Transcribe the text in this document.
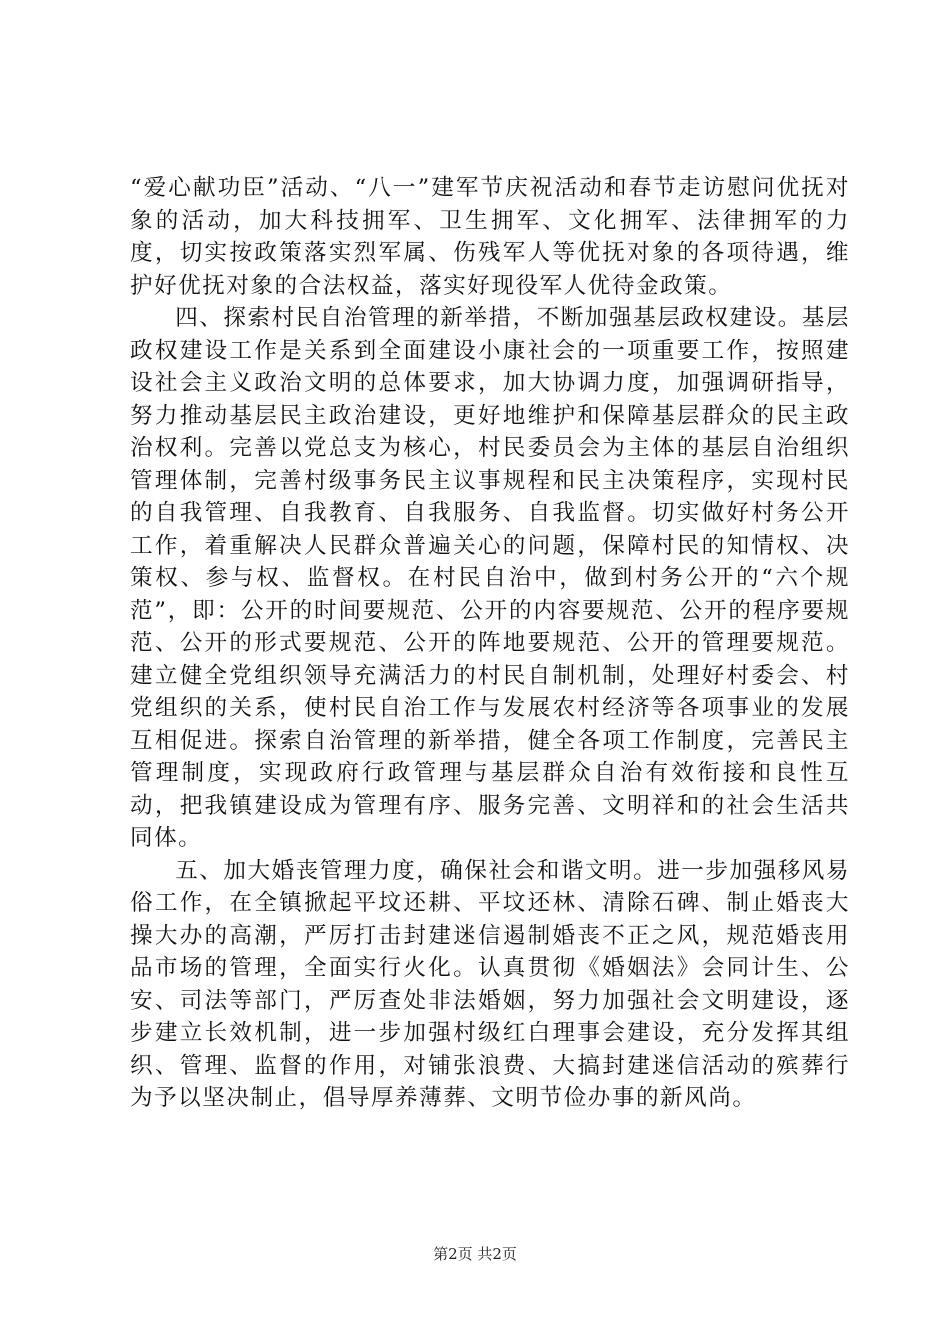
“爱心献功臣”活动、“八一”建军节庆祝活动和春节走访慰问优抚对象的活动，加大科技拥军、卫生拥军、文化拥军、法律拥军的力度，切实按政策落实烈军属、伤残军人等优抚对象的各项待遇，维护好优抚对象的合法权益，落实好现役军人优待金政策。

四、探索村民自治管理的新举措，不断加强基层政权建设。基层政权建设工作是关系到全面建设小康社会的一项重要工作，按照建设社会主义政治文明的总体要求，加大协调力度，加强调研指导，努力推动基层民主政治建设，更好地维护和保障基层群众的民主政治权利。完善以党总支为核心，村民委员会为主体的基层自治组织管理体制，完善村级事务民主议事规程和民主决策程序，实现村民的自我管理、自我教育、自我服务、自我监督。切实做好村务公开工作，着重解决人民群众普遍关心的问题，保障村民的知情权、决策权、参与权、监督权。在村民自治中，做到村务公开的“六个规范”，即：公开的时间要规范、公开的内容要规范、公开的程序要规范、公开的形式要规范、公开的阵地要规范、公开的管理要规范。建立健全党组织领导充满活力的村民自制机制，处理好村委会、村党组织的关系，使村民自治工作与发展农村经济等各项事业的发展互相促进。探索自治管理的新举措，健全各项工作制度，完善民主管理制度，实现政府行政管理与基层群众自治有效衔接和良性互动，把我镇建设成为管理有序、服务完善、文明祥和的社会生活共同体。

五、加大婚丧管理力度，确保社会和谐文明。进一步加强移风易俗工作，在全镇掀起平坟还耕、平坟还林、清除石碑、制止婚丧大操大办的高潮，严厉打击封建迷信遏制婚丧不正之风，规范婚丧用品市场的管理，全面实行火化。认真贯彻《婚姻法》会同计生、公安、司法等部门，严厉查处非法婚姻，努力加强社会文明建设，逐步建立长效机制，进一步加强村级红白理事会建设，充分发挥其组织、管理、监督的作用，对铺张浪费、大搞封建迷信活动的殡葬行为予以坚决制止，倡导厚养薄葬、文明节俭办事的新风尚。

第2页 共2页
